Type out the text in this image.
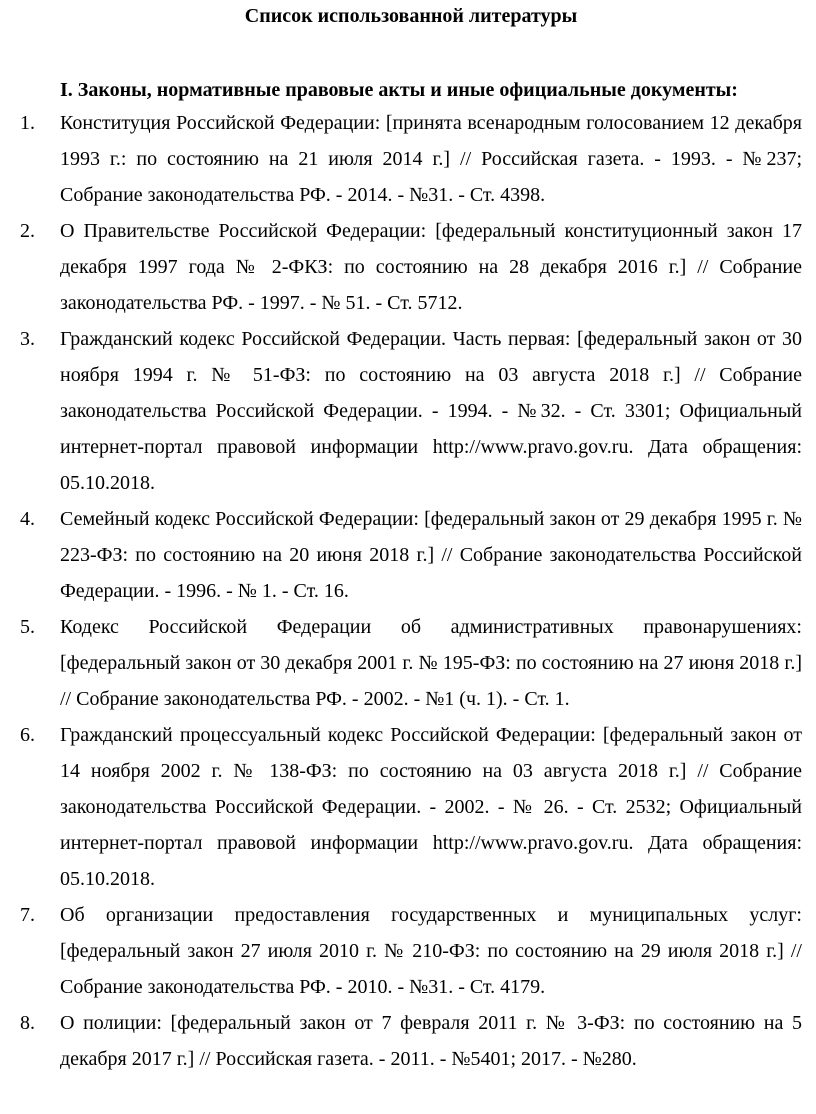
Список использованной литературы
I. Законы, нормативные правовые акты и иные официальные документы:
1.	Конституция Российской Федерации: [принята всенародным голосованием 12 декабря 1993 г.: по состоянию на 21 июля 2014 г.] // Российская газета. - 1993. - №237; Собрание законодательства РФ. - 2014. - №31. - Ст. 4398.
2.	О Правительстве Российской Федерации: [федеральный конституционный закон 17 декабря 1997 года № 2-ФКЗ: по состоянию на 28 декабря 2016 г.] // Собрание законодательства РФ. - 1997. - № 51. - Ст. 5712.
3.	Гражданский кодекс Российской Федерации. Часть первая: [федеральный закон от 30 ноября 1994 г. № 51-ФЗ: по состоянию на 03 августа 2018 г.] // Собрание законодательства Российской Федерации. - 1994. - №32. - Ст. 3301; Официальный интернет-портал правовой информации http://www.pravo.gov.ru. Дата обращения: 05.10.2018.
4.	Семейный кодекс Российской Федерации: [федеральный закон от 29 декабря 1995 г. № 223-ФЗ: по состоянию на 20 июня 2018 г.] // Собрание законодательства Российской Федерации. - 1996. - № 1. - Ст. 16.
5.	Кодекс Российской Федерации об административных правонарушениях: [федеральный закон от 30 декабря 2001 г. № 195-ФЗ: по состоянию на 27 июня 2018 г.] // Собрание законодательства РФ. - 2002. - №1 (ч. 1). - Ст. 1.
6.	Гражданский процессуальный кодекс Российской Федерации: [федеральный закон от 14 ноября 2002 г. № 138-ФЗ: по состоянию на 03 августа 2018 г.] // Собрание законодательства Российской Федерации. - 2002. - № 26. - Ст. 2532; Официальный интернет-портал правовой информации http://www.pravo.gov.ru. Дата обращения: 05.10.2018.
7.	Об организации предоставления государственных и муниципальных услуг: [федеральный закон 27 июля 2010 г. № 210-ФЗ: по состоянию на 29 июля 2018 г.] // Собрание законодательства РФ. - 2010. - №31. - Ст. 4179.
8.	О полиции: [федеральный закон от 7 февраля 2011 г. № 3-ФЗ: по состоянию на 5 декабря 2017 г.] // Российская газета. - 2011. - №5401; 2017. - №280.
